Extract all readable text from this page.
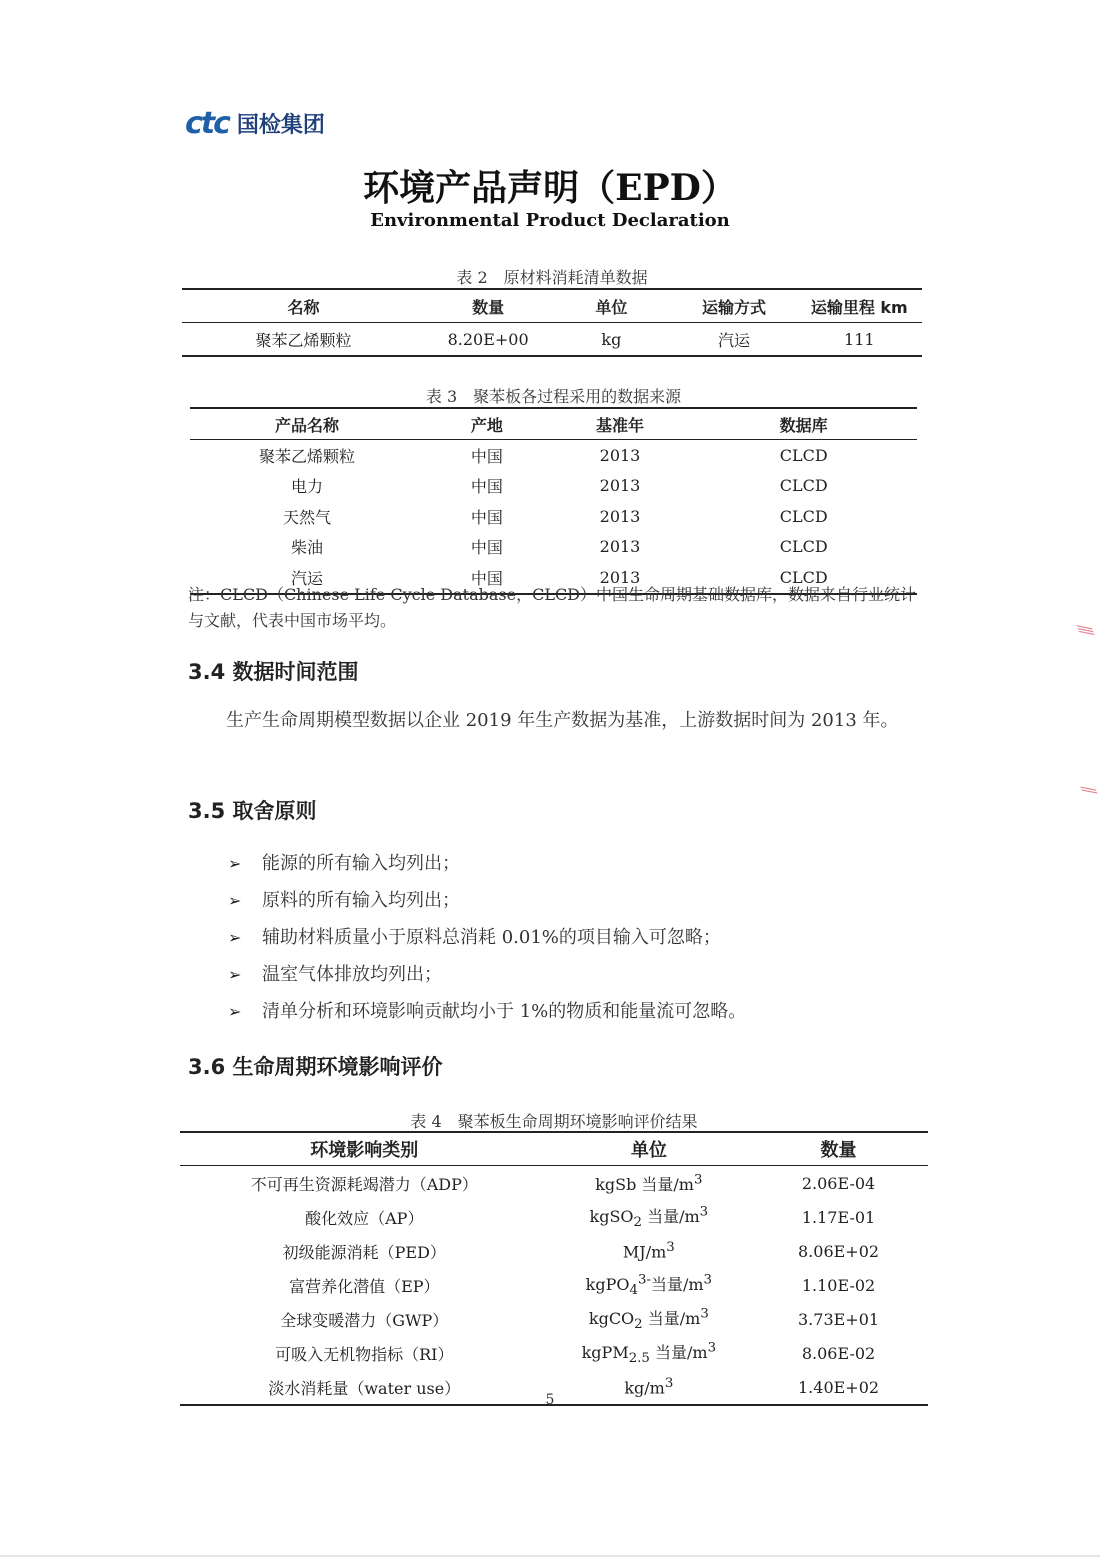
ctc 国检集团
环境产品声明（EPD）
Environmental Product Declaration
表 2　原材料消耗清单数据
名称	数量	单位	运输方式	运输里程 km
聚苯乙烯颗粒	8.20E+00	kg	汽运	111
表 3　聚苯板各过程采用的数据来源
产品名称	产地	基准年	数据库
聚苯乙烯颗粒	中国	2013	CLCD
电力	中国	2013	CLCD
天然气	中国	2013	CLCD
柴油	中国	2013	CLCD
汽运	中国	2013	CLCD
注：CLCD（Chinese Life Cycle Database，CLCD）中国生命周期基础数据库，数据来自行业统计与文献，代表中国市场平均。
3.4 数据时间范围
生产生命周期模型数据以企业 2019 年生产数据为基准，上游数据时间为 2013 年。
3.5 取舍原则
➢	能源的所有输入均列出；
➢	原料的所有输入均列出；
➢	辅助材料质量小于原料总消耗 0.01%的项目输入可忽略；
➢	温室气体排放均列出；
➢	清单分析和环境影响贡献均小于 1%的物质和能量流可忽略。
3.6 生命周期环境影响评价
表 4　聚苯板生命周期环境影响评价结果
环境影响类别	单位	数量
不可再生资源耗竭潜力（ADP）	kgSb 当量$/m^3$	2.06E-04
酸化效应（AP）	kgSO$_2$ 当量$/m^3$	1.17E-01
初级能源消耗（PED）	$MJ/m^3$	8.06E+02
富营养化潜值（EP）	kgPO$_4^{3-}$当量$/m^3$	1.10E-02
全球变暖潜力（GWP）	kgCO$_2$ 当量$/m^3$	3.73E+01
可吸入无机物指标（RI）	kgPM$_{2.5}$ 当量$/m^3$	8.06E-02
淡水消耗量（water use）	$kg/m^3$	1.40E+02
5
⁄⁄⁄
⁄⁄
